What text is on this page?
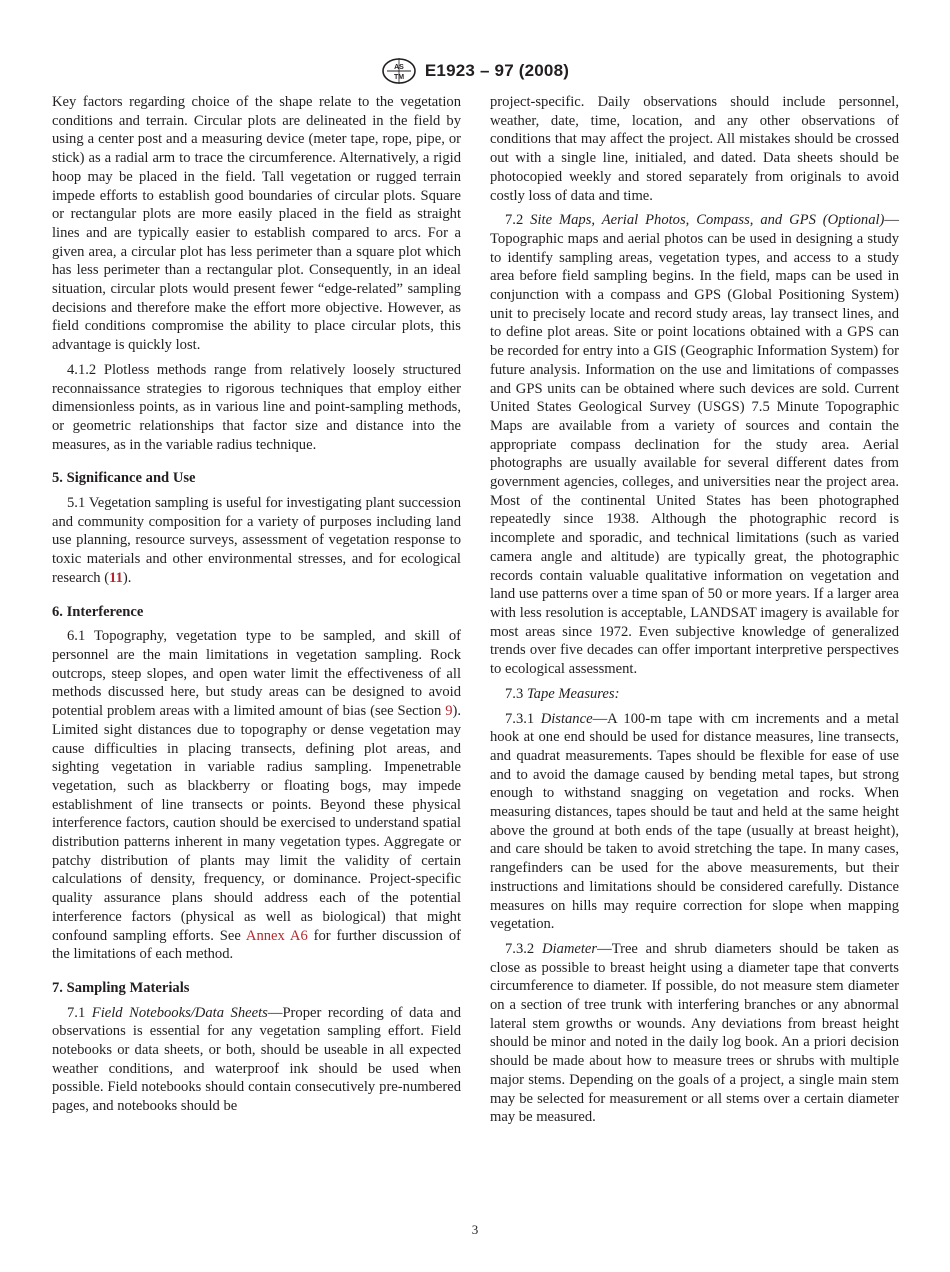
AS
TM E1923 – 97 (2008)

Key factors regarding choice of the shape relate to the vegetation conditions and terrain. Circular plots are delineated in the field by using a center post and a measuring device (meter tape, rope, pipe, or stick) as a radial arm to trace the circumference. Alternatively, a rigid hoop may be placed in the field. Tall vegetation or rugged terrain impede efforts to establish good boundaries of circular plots. Square or rectangular plots are more easily placed in the field as straight lines and are typically easier to establish compared to arcs. For a given area, a circular plot has less perimeter than a square plot which has less perimeter than a rectangular plot. Consequently, in an ideal situation, circular plots would present fewer “edge-related” sampling decisions and therefore make the effort more objective. However, as field conditions compromise the ability to place circular plots, this advantage is quickly lost.

4.1.2 Plotless methods range from relatively loosely structured reconnaissance strategies to rigorous techniques that employ either dimensionless points, as in various line and point-sampling methods, or geometric relationships that factor size and distance into the measures, as in the variable radius technique.

5. Significance and Use

5.1 Vegetation sampling is useful for investigating plant succession and community composition for a variety of purposes including land use planning, resource surveys, assessment of vegetation response to toxic materials and other environmental stresses, and for ecological research (11).

6. Interference

6.1 Topography, vegetation type to be sampled, and skill of personnel are the main limitations in vegetation sampling. Rock outcrops, steep slopes, and open water limit the effectiveness of all methods discussed here, but study areas can be designed to avoid potential problem areas with a limited amount of bias (see Section 9). Limited sight distances due to topography or dense vegetation may cause difficulties in placing transects, defining plot areas, and sighting vegetation in variable radius sampling. Impenetrable vegetation, such as blackberry or floating bogs, may impede establishment of line transects or points. Beyond these physical interference factors, caution should be exercised to understand spatial distribution patterns inherent in many vegetation types. Aggregate or patchy distribution of plants may limit the validity of certain calculations of density, frequency, or dominance. Project-specific quality assurance plans should address each of the potential interference factors (physical as well as biological) that might confound sampling efforts. See Annex A6 for further discussion of the limitations of each method.

7. Sampling Materials

7.1 Field Notebooks/Data Sheets—Proper recording of data and observations is essential for any vegetation sampling effort. Field notebooks or data sheets, or both, should be useable in all expected weather conditions, and waterproof ink should be used when possible. Field notebooks should contain consecutively pre-numbered pages, and notebooks should be

project-specific. Daily observations should include personnel, weather, date, time, location, and any other observations of conditions that may affect the project. All mistakes should be crossed out with a single line, initialed, and dated. Data sheets should be photocopied weekly and stored separately from originals to avoid costly loss of data and time.

7.2 Site Maps, Aerial Photos, Compass, and GPS (Optional)—Topographic maps and aerial photos can be used in designing a study to identify sampling areas, vegetation types, and access to a study area before field sampling begins. In the field, maps can be used in conjunction with a compass and GPS (Global Positioning System) unit to precisely locate and record study areas, lay transect lines, and to define plot areas. Site or point locations obtained with a GPS can be recorded for entry into a GIS (Geographic Information System) for future analysis. Information on the use and limitations of compasses and GPS units can be obtained where such devices are sold. Current United States Geological Survey (USGS) 7.5 Minute Topographic Maps are available from a variety of sources and contain the appropriate compass declination for the study area. Aerial photographs are usually available for several different dates from government agencies, colleges, and universities near the project area. Most of the continental United States has been photographed repeatedly since 1938. Although the photographic record is incomplete and sporadic, and technical limitations (such as varied camera angle and altitude) are typically great, the photographic records contain valuable qualitative information on vegetation and land use patterns over a time span of 50 or more years. If a larger area with less resolution is acceptable, LANDSAT imagery is available for most areas since 1972. Even subjective knowledge of generalized trends over five decades can offer important interpretive perspectives to ecological assessment.

7.3 Tape Measures:

7.3.1 Distance—A 100-m tape with cm increments and a metal hook at one end should be used for distance measures, line transects, and quadrat measurements. Tapes should be flexible for ease of use and to avoid the damage caused by bending metal tapes, but strong enough to withstand snagging on vegetation and rocks. When measuring distances, tapes should be taut and held at the same height above the ground at both ends of the tape (usually at breast height), and care should be taken to avoid stretching the tape. In many cases, rangefinders can be used for the above measurements, but their instructions and limitations should be considered carefully. Distance measures on hills may require correction for slope when mapping vegetation.

7.3.2 Diameter—Tree and shrub diameters should be taken as close as possible to breast height using a diameter tape that converts circumference to diameter. If possible, do not measure stem diameter on a section of tree trunk with interfering branches or any abnormal lateral stem growths or wounds. Any deviations from breast height should be minor and noted in the daily log book. An a priori decision should be made about how to measure trees or shrubs with multiple major stems. Depending on the goals of a project, a single main stem may be selected for measurement or all stems over a certain diameter may be measured.

3
